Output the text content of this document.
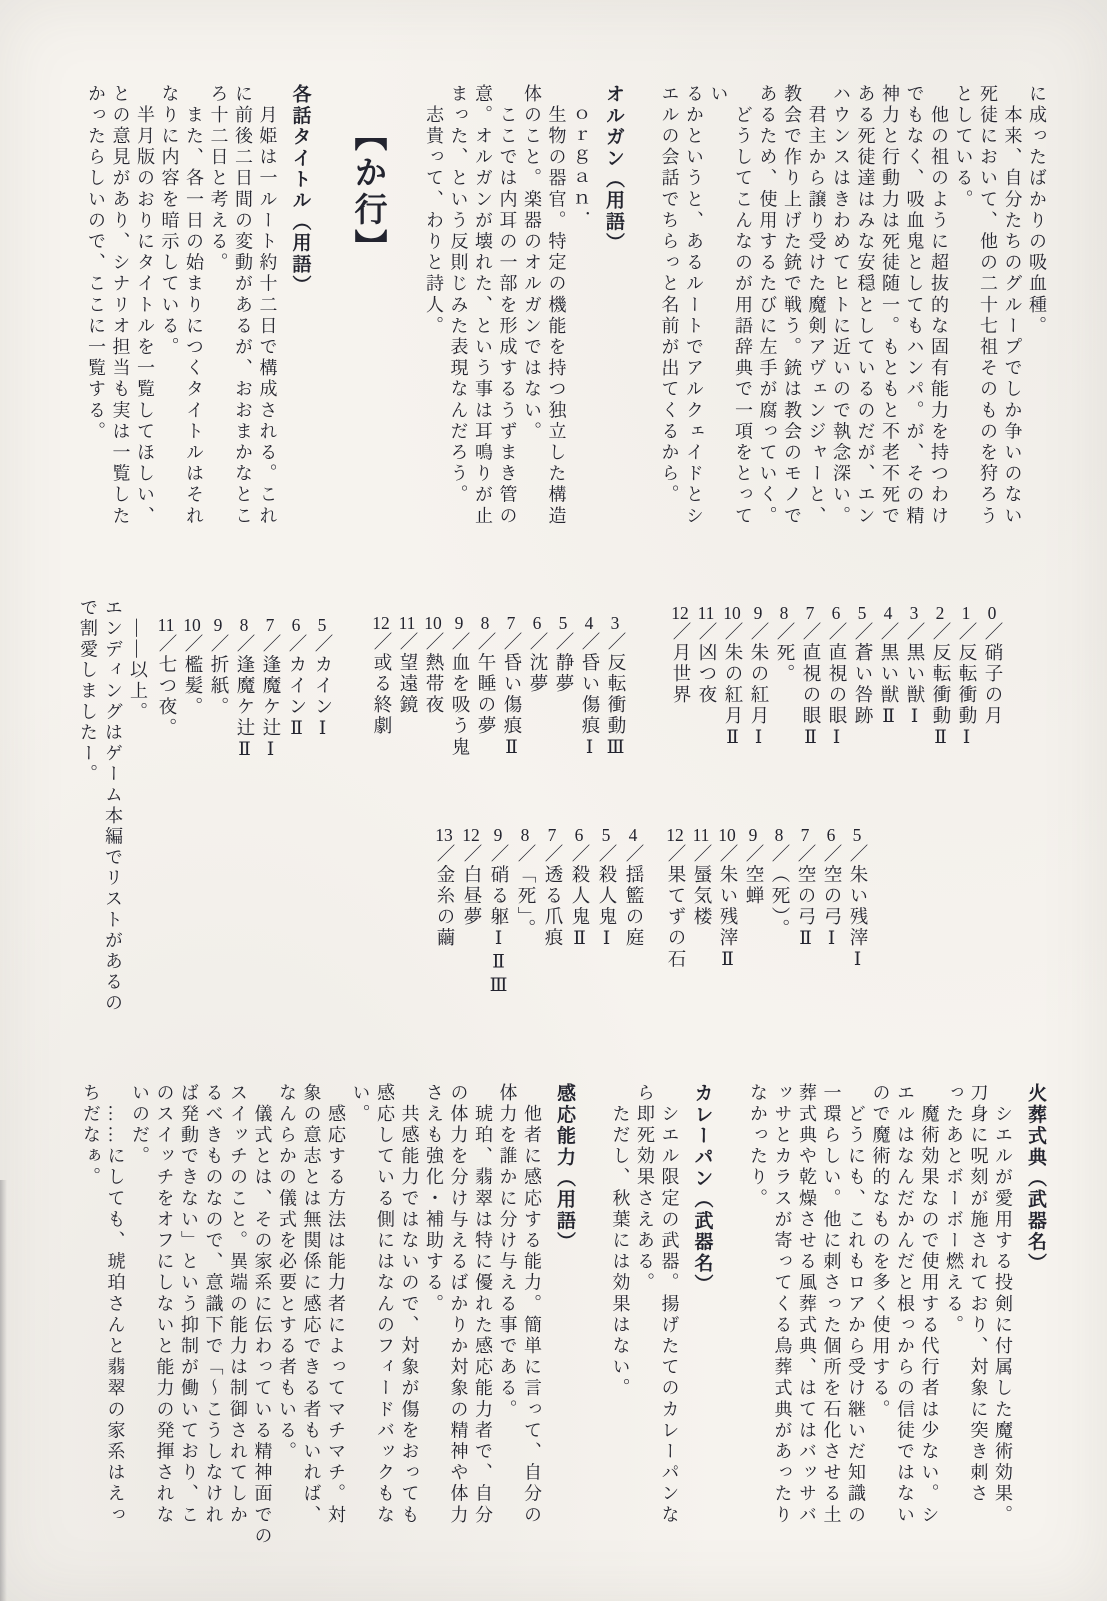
に成ったばかりの吸血種。
　本来、自分たちのグループでしか争いのない
死徒において、他の二十七祖そのものを狩ろう
としている。
　他の祖のように超抜的な固有能力を持つわけ
でもなく、吸血鬼としてもハンパ。が、その精
神力と行動力は死徒随一。もともと不老不死で
ある死徒達はみな安穏としているのだが、エン
ハウンスはきわめてヒトに近いので執念深い。
　君主から譲り受けた魔剣アヴェンジャーと、
教会で作り上げた銃で戦う。銃は教会のモノで
あるため、使用するたびに左手が腐っていく。
　どうしてこんなのが用語辞典で一項をとってい
るかというと、あるルートでアルクェイドとシ
エルの会話でちらっと名前が出てくるから。
オルガン（用語）
　ｏｒｇａｎ．
　生物の器官。特定の機能を持つ独立した構造
体のこと。楽器のオルガンではない。
　ここでは内耳の一部を形成するうずまき管の
意。オルガンが壊れた、という事は耳鳴りが止
まった、という反則じみた表現なんだろう。
　志貴って、わりと詩人。
【か行】
各話タイトル（用語）
　月姫は一ルート約十二日で構成される。これ
に前後二日間の変動があるが、おおまかなとこ
ろ十二日と考える。
　また、各一日の始まりにつくタイトルはそれ
なりに内容を暗示している。
　半月版のおりにタイトルを一覧してほしい、
との意見があり、シナリオ担当も実は一覧した
かったらしいので、ここに一覧する。
0／硝子の月
1／反転衝動Ⅰ
2／反転衝動Ⅱ
3／黒い獣Ⅰ
4／黒い獣Ⅱ
5／蒼い咎跡
6／直視の眼Ⅰ
7／直視の眼Ⅱ
8／死。
9／朱の紅月Ⅰ
10／朱の紅月Ⅱ
11／凶つ夜
12／月世界
3／反転衝動Ⅲ
4／昏い傷痕Ⅰ
5／静夢
6／沈夢
7／昏い傷痕Ⅱ
8／午睡の夢
9／血を吸う鬼
10／熱帯夜
11／望遠鏡
12／或る終劇
5／カインⅠ
6／カインⅡ
7／逢魔ケ辻Ⅰ
8／逢魔ケ辻Ⅱ
9／折紙。
10／檻髪。
11／七つ夜。
5／朱い残滓Ⅰ
6／空の弓Ⅰ
7／空の弓Ⅱ
8／（死）。
9／空蝉
10／朱い残滓Ⅱ
11／蜃気楼
12／果てずの石
4／揺籃の庭
5／殺人鬼Ⅰ
6／殺人鬼Ⅱ
7／透る爪痕
8／「死」。
9／硝る躯ⅠⅡⅢ
12／白昼夢
13／金糸の繭
　――以上。
エンディングはゲーム本編でリストがあるの
で割愛しましたー。
火葬式典（武器名）
　シエルが愛用する投剣に付属した魔術効果。
刀身に呪刻が施されており、対象に突き刺さ
ったあとボーボー燃える。
　魔術効果なので使用する代行者は少ない。シ
エルはなんだかんだと根っからの信徒ではない
ので魔術的なものを多く使用する。
　どうにも、これもロアから受け継いだ知識の
一環らしい。他に刺さった個所を石化させる土
葬式典や乾燥させる風葬式典、はてはバッサバ
ッサとカラスが寄ってくる鳥葬式典があったり
なかったり。
カレーパン（武器名）
　シエル限定の武器。揚げたてのカレーパンな
ら即死効果さえある。
　ただし、秋葉には効果はない。
感応能力（用語）
　他者に感応する能力。簡単に言って、自分の
体力を誰かに分け与える事である。
　琥珀、翡翠は特に優れた感応能力者で、自分
の体力を分け与えるばかりか対象の精神や体力
さえも強化・補助する。
　共感能力ではないので、対象が傷をおっても
感応している側にはなんのフィードバックもな
い。
　感応する方法は能力者によってマチマチ。対
象の意志とは無関係に感応できる者もいれば、
なんらかの儀式を必要とする者もいる。
　儀式とは、その家系に伝わっている精神面での
スイッチのこと。異端の能力は制御されてしか
るべきものなので、意識下で「～こうしなけれ
ば発動できない」という抑制が働いており、こ
のスイッチをオフにしないと能力の発揮されな
いのだ。
　……にしても、琥珀さんと翡翠の家系はえっ
ちだなぁ。
